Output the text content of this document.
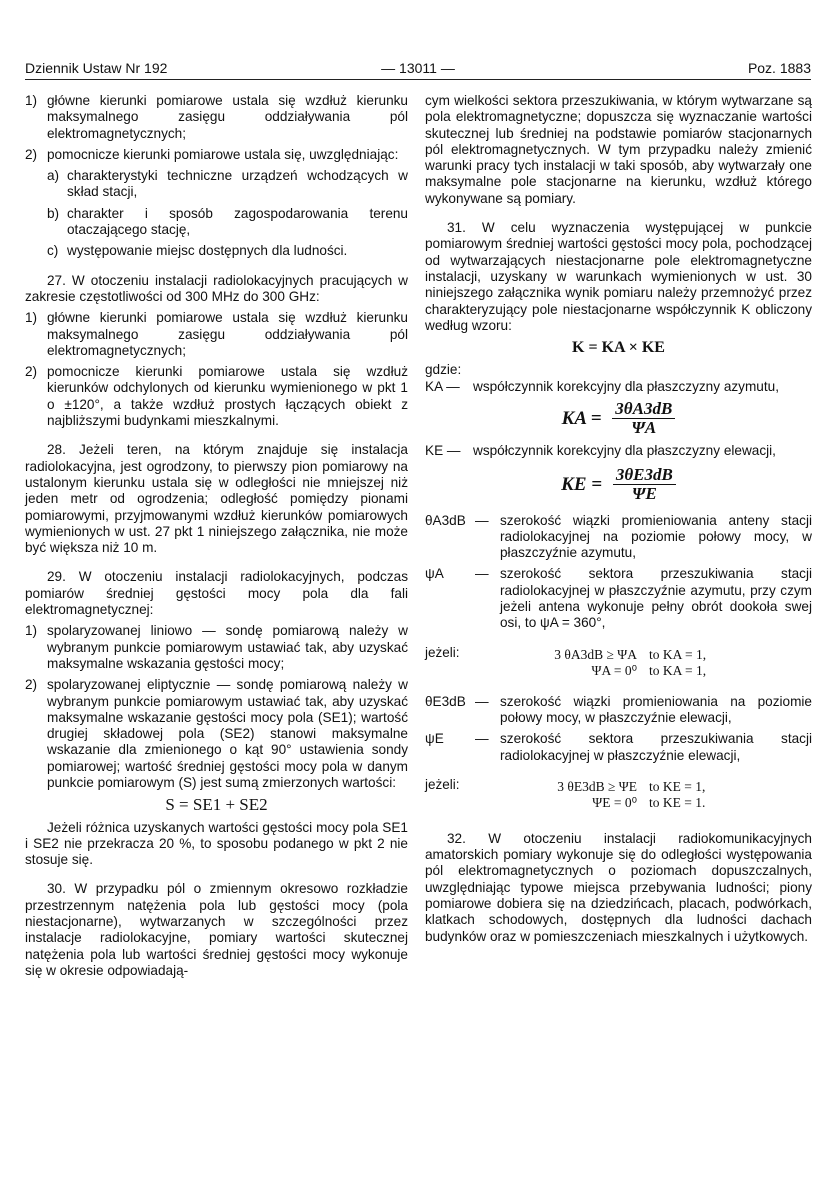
Dziennik Ustaw Nr 192	— 13011 —	Poz. 1883
1) główne kierunki pomiarowe ustala się wzdłuż kierunku maksymalnego zasięgu oddziaływania pól elektromagnetycznych;
2) pomocnicze kierunki pomiarowe ustala się, uwzględniając:
a) charakterystyki techniczne urządzeń wchodzących w skład stacji,
b) charakter i sposób zagospodarowania terenu otaczającego stację,
c) występowanie miejsc dostępnych dla ludności.

27. W otoczeniu instalacji radiolokacyjnych pracujących w zakresie częstotliwości od 300 MHz do 300 GHz:

1) główne kierunki pomiarowe ustala się wzdłuż kierunku maksymalnego zasięgu oddziaływania pól elektromagnetycznych;
2) pomocnicze kierunki pomiarowe ustala się wzdłuż kierunków odchylonych od kierunku wymienionego w pkt 1 o ±120°, a także wzdłuż prostych łączących obiekt z najbliższymi budynkami mieszkalnymi.

28. Jeżeli teren, na którym znajduje się instalacja radiolokacyjna, jest ogrodzony, to pierwszy pion pomiarowy na ustalonym kierunku ustala się w odległości nie mniejszej niż jeden metr od ogrodzenia; odległość pomiędzy pionami pomiarowymi, przyjmowanymi wzdłuż kierunków pomiarowych wymienionych w ust. 27 pkt 1 niniejszego załącznika, nie może być większa niż 10 m.

29. W otoczeniu instalacji radiolokacyjnych, podczas pomiarów średniej gęstości mocy pola dla fali elektromagnetycznej:

1) spolaryzowanej liniowo — sondę pomiarową należy w wybranym punkcie pomiarowym ustawiać tak, aby uzyskać maksymalne wskazania gęstości mocy;
2) spolaryzowanej eliptycznie — sondę pomiarową należy w wybranym punkcie pomiarowym ustawiać tak, aby uzyskać maksymalne wskazanie gęstości mocy pola (SE1); wartość drugiej składowej pola (SE2) stanowi maksymalne wskazanie dla zmienionego o kąt 90° ustawienia sondy pomiarowej; wartość średniej gęstości mocy pola w danym punkcie pomiarowym (S) jest sumą zmierzonych wartości:
S = SE1 + SE2

Jeżeli różnica uzyskanych wartości gęstości mocy pola SE1 i SE2 nie przekracza 20 %, to sposobu podanego w pkt 2 nie stosuje się.

30. W przypadku pól o zmiennym okresowo rozkładzie przestrzennym natężenia pola lub gęstości mocy (pola niestacjonarne), wytwarzanych w szczególności przez instalacje radiolokacyjne, pomiary wartości skutecznej natężenia pola lub wartości średniej gęstości mocy wykonuje się w okresie odpowiadają-

cym wielkości sektora przeszukiwania, w którym wytwarzane są pola elektromagnetyczne; dopuszcza się wyznaczanie wartości skutecznej lub średniej na podstawie pomiarów stacjonarnych pól elektromagnetycznych. W tym przypadku należy zmienić warunki pracy tych instalacji w taki sposób, aby wytwarzały one maksymalne pole stacjonarne na kierunku, wzdłuż którego wykonywane są pomiary.

31. W celu wyznaczenia występującej w punkcie pomiarowym średniej wartości gęstości mocy pola, pochodzącej od wytwarzających niestacjonarne pole elektromagnetyczne instalacji, uzyskany w warunkach wymienionych w ust. 30 niniejszego załącznika wynik pomiaru należy przemnożyć przez charakteryzujący pole niestacjonarne współczynnik K obliczony według wzoru:

K = KA × KE

gdzie:

KA — współczynnik korekcyjny dla płaszczyzny azymutu,
KA = $\frac{3\theta A3dB}{\Psi A}$
KE — współczynnik korekcyjny dla płaszczyzny elewacji,
KE = $\frac{3\theta E3dB}{\Psi E}$
θA3dB — szerokość wiązki promieniowania anteny stacji radiolokacyjnej na poziomie połowy mocy, w płaszczyźnie azymutu,
ψA — szerokość sektora przeszukiwania stacji radiolokacyjnej w płaszczyźnie azymutu, przy czym jeżeli antena wykonuje pełny obrót dookoła swej osi, to ψA = 360°,
jeżeli:	3 θA3dB ≥ ΨA to KA = 1,
ΨA = 0⁰ to KA = 1,
θE3dB — szerokość wiązki promieniowania na poziomie połowy mocy, w płaszczyźnie elewacji,
ψE — szerokość sektora przeszukiwania stacji radiolokacyjnej w płaszczyźnie elewacji,
jeżeli:	3 θE3dB ≥ ΨE to KE = 1,
ΨE = 0⁰ to KE = 1.

32. W otoczeniu instalacji radiokomunikacyjnych amatorskich pomiary wykonuje się do odległości występowania pól elektromagnetycznych o poziomach dopuszczalnych, uwzględniając typowe miejsca przebywania ludności; piony pomiarowe dobiera się na dziedzińcach, placach, podwórkach, klatkach schodowych, dostępnych dla ludności dachach budynków oraz w pomieszczeniach mieszkalnych i użytkowych.
